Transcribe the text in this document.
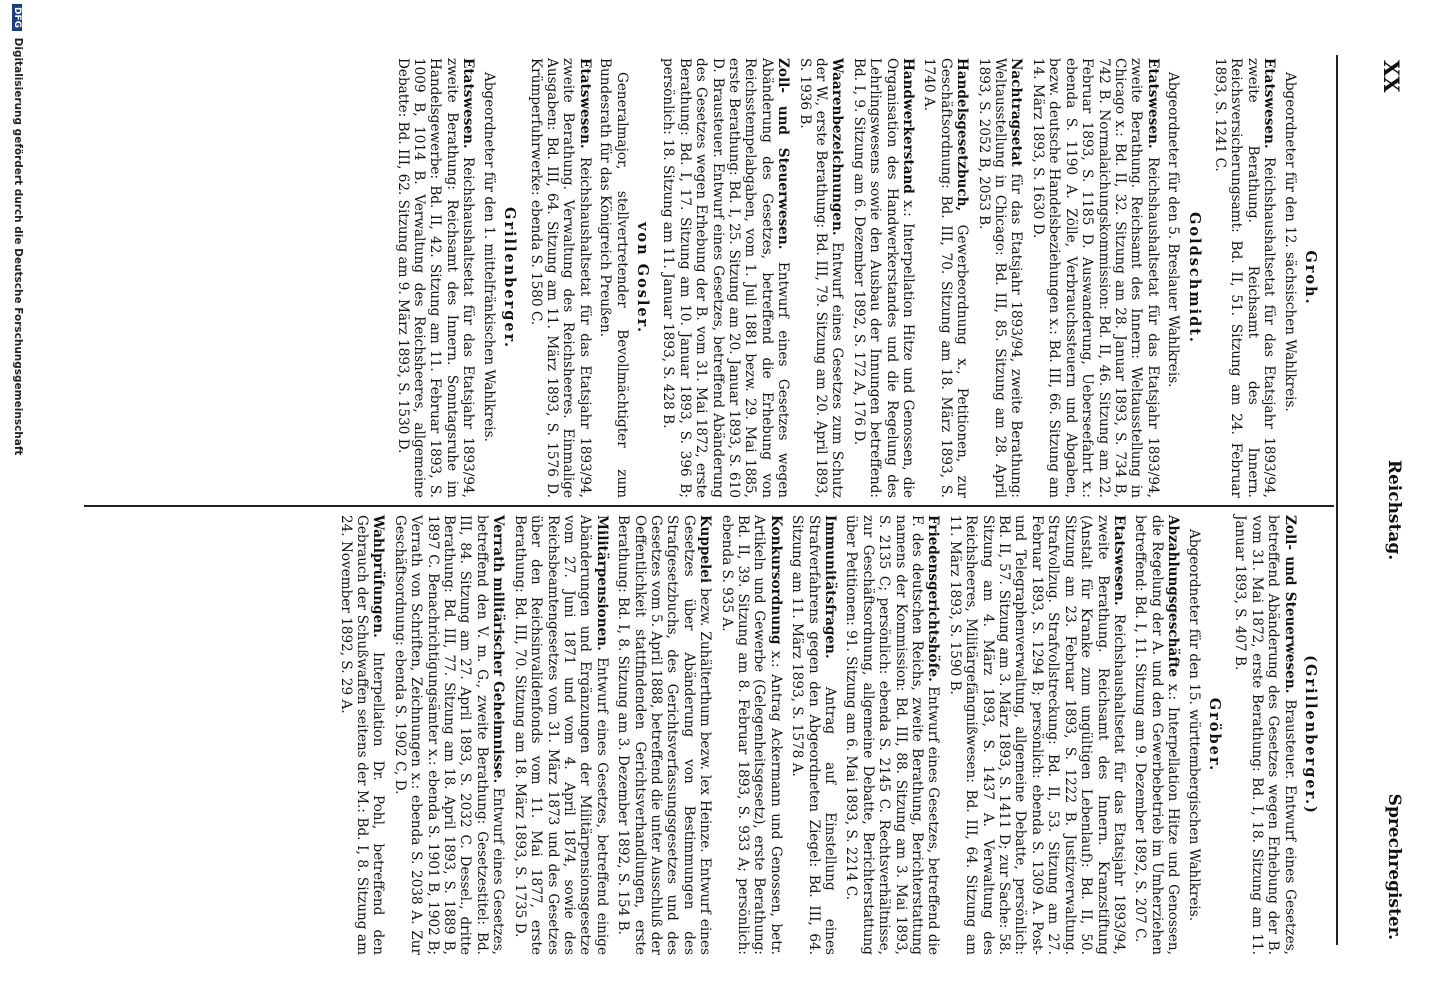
XX
Reichstag.
Sprechregister.
Groh.
Abgeordneter für den 12. sächsischen Wahlkreis.
Etatswesen. Reichshaushaltsetat für das Etatsjahr 1893/94, zweite Berathung. Reichsamt des Innern. Reichsversicherungsamt: Bd. II, 51. Sitzung am 24. Februar 1893, S. 1241 C.
Goldschmidt.
Abgeordneter für den 5. Breslauer Wahlkreis.
Etatswesen. Reichshaushaltsetat für das Etatsjahr 1893/94, zweite Berathung. Reichsamt des Innern: Weltausstellung in Chicago x.: Bd. II, 32. Sitzung am 28. Januar 1893, S. 734 B, 742 B. Normalaichungskommission: Bd. II, 46. Sitzung am 22. Februar 1893, S. 1185 D. Auswanderung, Ueberseefahrt x.: ebenda S. 1190 A. Zölle, Verbrauchssteuern und Abgaben, bezw. deutsche Handelsbeziehungen x.: Bd. III, 66. Sitzung am 14. März 1893, S. 1630 D.
Nachtragsetat für das Etatsjahr 1893/94, zweite Berathung: Weltausstellung in Chicago: Bd. III, 85. Sitzung am 28. April 1893, S. 2052 B, 2053 B.
Handelsgesetzbuch, Gewerbeordnung x., Petitionen, zur Geschäftsordnung: Bd. III, 70. Sitzung am 18. März 1893, S. 1740 A.
Handwerkerstand x.: Interpellation Hitze und Genossen, die Organisation des Handwerkerstandes und die Regelung des Lehrlingswesens sowie den Ausbau der Innungen betreffend: Bd. I, 9. Sitzung am 6. Dezember 1892, S. 172 A, 176 D.
Waarenbezeichnungen. Entwurf eines Gesetzes zum Schutz der W., erste Berathung: Bd. III, 79. Sitzung am 20. April 1893, S. 1936 B.
Zoll- und Steuerwesen. Entwurf eines Gesetzes wegen Abänderung des Gesetzes, betreffend die Erhebung von Reichsstempelabgaben, vom 1. Juli 1881 bezw. 29. Mai 1885, erste Berathung: Bd. I, 25. Sitzung am 20. Januar 1893, S. 610 D. Brausteuer. Entwurf eines Gesetzes, betreffend Abänderung des Gesetzes wegen Erhebung der B. vom 31. Mai 1872, erste Berathung: Bd. I, 17. Sitzung am 10. Januar 1893, S. 396 B; persönlich: 18. Sitzung am 11. Januar 1893, S. 428 B.
von Gosler.
Generalmajor, stellvertretender Bevollmächtigter zum Bundesrath für das Königreich Preußen.
Etatswesen. Reichshaushaltsetat für das Etatsjahr 1893/94, zweite Berathung. Verwaltung des Reichsheeres. Einmalige Ausgaben: Bd. III, 64. Sitzung am 11. März 1893, S. 1576 D. Krümperfuhrwerke: ebenda S. 1580 C.
Grillenberger.
Abgeordneter für den 1. mittelfränkischen Wahlkreis.
Etatswesen. Reichshaushaltsetat für das Etatsjahr 1893/94, zweite Berathung: Reichsamt des Innern. Sonntagsruhe im Handelsgewerbe: Bd. II, 42. Sitzung am 11. Februar 1893, S. 1009 B, 1014 B. Verwaltung des Reichsheeres, allgemeine Debatte: Bd. III, 62. Sitzung am 9. März 1893, S. 1530 D.
(Grillenberger.)
Zoll- und Steuerwesen. Brausteuer. Entwurf eines Gesetzes, betreffend Abänderung des Gesetzes wegen Erhebung der B. vom 31. Mai 1872, erste Berathung: Bd. I, 18. Sitzung am 11. Januar 1893, S. 407 B.
Gröber.
Abgeordneter für den 15. württembergischen Wahlkreis.
Abzahlungsgeschäfte x.: Interpellation Hitze und Genossen, die Regelung der A. und den Gewerbebetrieb im Umherziehen betreffend: Bd. I, 11. Sitzung am 9. Dezember 1892, S. 207 C.
Etatswesen. Reichshaushaltsetat für das Etatsjahr 1893/94, zweite Berathung. Reichsamt des Innern. Kranzstiftung (Anstalt für Kranke zum ungültigen Lebenlauf): Bd. II, 50. Sitzung am 23. Februar 1893, S. 1222 B. Justizverwaltung. Strafvollzug. Strafvollstreckung: Bd. II, 53. Sitzung am 27. Februar 1893, S. 1294 B; persönlich: ebenda S. 1309 A. Post- und Telegraphenverwaltung, allgemeine Debatte, persönlich: Bd. II, 57. Sitzung am 3. März 1893, S. 1411 D; zur Sache: 58. Sitzung am 4. März 1893, S. 1437 A. Verwaltung des Reichsheeres, Militärgefängnißwesen: Bd. III, 64. Sitzung am 11. März 1893, S. 1590 B.
Friedensgerichtshöfe. Entwurf eines Gesetzes, betreffend die F. des deutschen Reichs, zweite Berathung, Berichterstattung namens der Kommission: Bd. III, 88. Sitzung am 3. Mai 1893, S. 2135 C; persönlich: ebenda S. 2145 C. Rechtsverhältnisse, zur Geschäftsordnung, allgemeine Debatte, Berichterstattung über Petitionen: 91. Sitzung am 6. Mai 1893, S. 2214 C.
Immunitätsfragen. Antrag auf Einstellung eines Strafverfahrens gegen den Abgeordneten Ziegel: Bd. III, 64. Sitzung am 11. März 1893, S. 1578 A.
Konkursordnung x.: Antrag Ackermann und Genossen, betr. Artikeln und Gewerbe (Gelegenheitsgesetz), erste Berathung: Bd. II, 39. Sitzung am 8. Februar 1893, S. 933 A; persönlich: ebenda S. 935 A.
Kuppelei bezw. Zuhälterthum bezw. lex Heinze. Entwurf eines Gesetzes über Abänderung von Bestimmungen des Strafgesetzbuchs, des Gerichtsverfassungsgesetzes und des Gesetzes vom 5. April 1888, betreffend die unter Ausschluß der Oeffentlichkeit stattfindenden Gerichtsverhandlungen, erste Berathung: Bd. I, 8. Sitzung am 3. Dezember 1892, S. 154 B.
Militärpensionen. Entwurf eines Gesetzes, betreffend einige Abänderungen und Ergänzungen der Militärpensionsgesetze vom 27. Juni 1871 und vom 4. April 1874, sowie des Reichsbeamtengesetzes vom 31. März 1873 und des Gesetzes über den Reichsinvalidenfonds vom 11. Mai 1877, erste Berathung: Bd. III, 70. Sitzung am 18. März 1893, S. 1735 D.
Verrath militärischer Geheimnisse. Entwurf eines Gesetzes, betreffend den V. m. G., zweite Berathung: Gesetzestitel: Bd. III, 84. Sitzung am 27. April 1893, S. 2032 C. Dessel., dritte Berathung: Bd. III, 77. Sitzung am 18. April 1893, S. 1889 B, 1897 C. Benachrichtigungsämter x.: ebenda S. 1901 B, 1902 B; Verrath von Schriften, Zeichnungen x.: ebenda S. 2038 A. Zur Geschäftsordnung: ebenda S. 1902 C, D.
Wahlprüfungen. Interpellation Dr. Pohl, betreffend den Gebrauch der Schußwaffen seitens der M.: Bd. I, 8. Sitzung am 24. November 1892, S. 29 A.
DFG Digitalisierung gefördert durch die Deutsche Forschungsgemeinschaft
